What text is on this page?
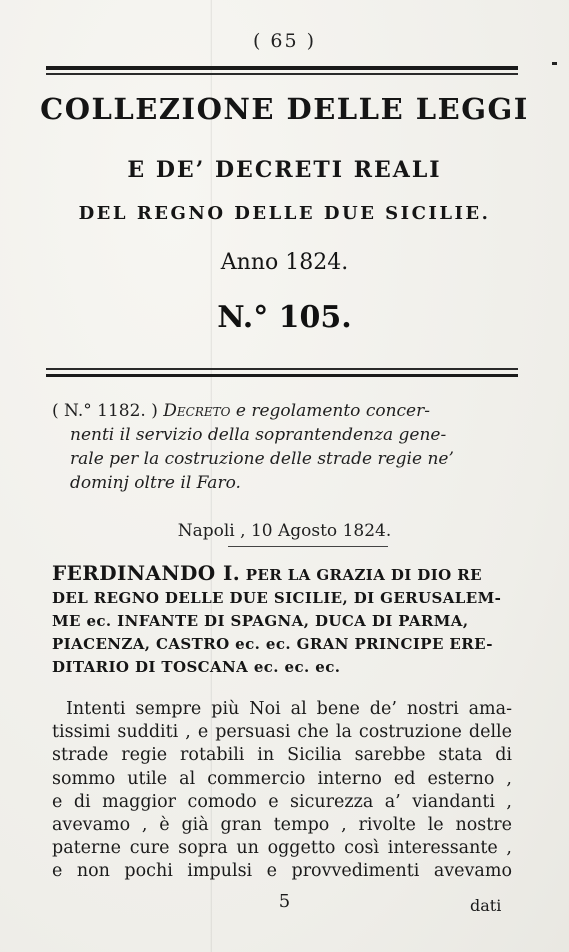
( 65 )
COLLEZIONE DELLE LEGGI
E DE’ DECRETI REALI
DEL REGNO DELLE DUE SICILIE.
Anno 1824.
N.° 105.
( N.° 1182. ) Decreto e regolamento concer-
nenti il servizio della soprantendenza gene-
rale per la costruzione delle strade regie ne’
dominj oltre il Faro.
Napoli , 10 Agosto 1824.
FERDINANDO I. PER LA GRAZIA DI DIO RE
DEL REGNO DELLE DUE SICILIE, DI GERUSALEM-
ME ec. INFANTE DI SPAGNA, DUCA DI PARMA,
PIACENZA, CASTRO ec. ec. GRAN PRINCIPE ERE-
DITARIO DI TOSCANA ec. ec. ec.
Intenti sempre più Noi al bene de’ nostri ama-
tissimi sudditi , e persuasi che la costruzione delle
strade regie rotabili in Sicilia sarebbe stata di
sommo utile al commercio interno ed esterno ,
e di maggior comodo e sicurezza a’ viandanti ,
avevamo , è già gran tempo , rivolte le nostre
paterne cure sopra un oggetto così interessante ,
e non pochi impulsi e provvedimenti avevamo
5	dati
